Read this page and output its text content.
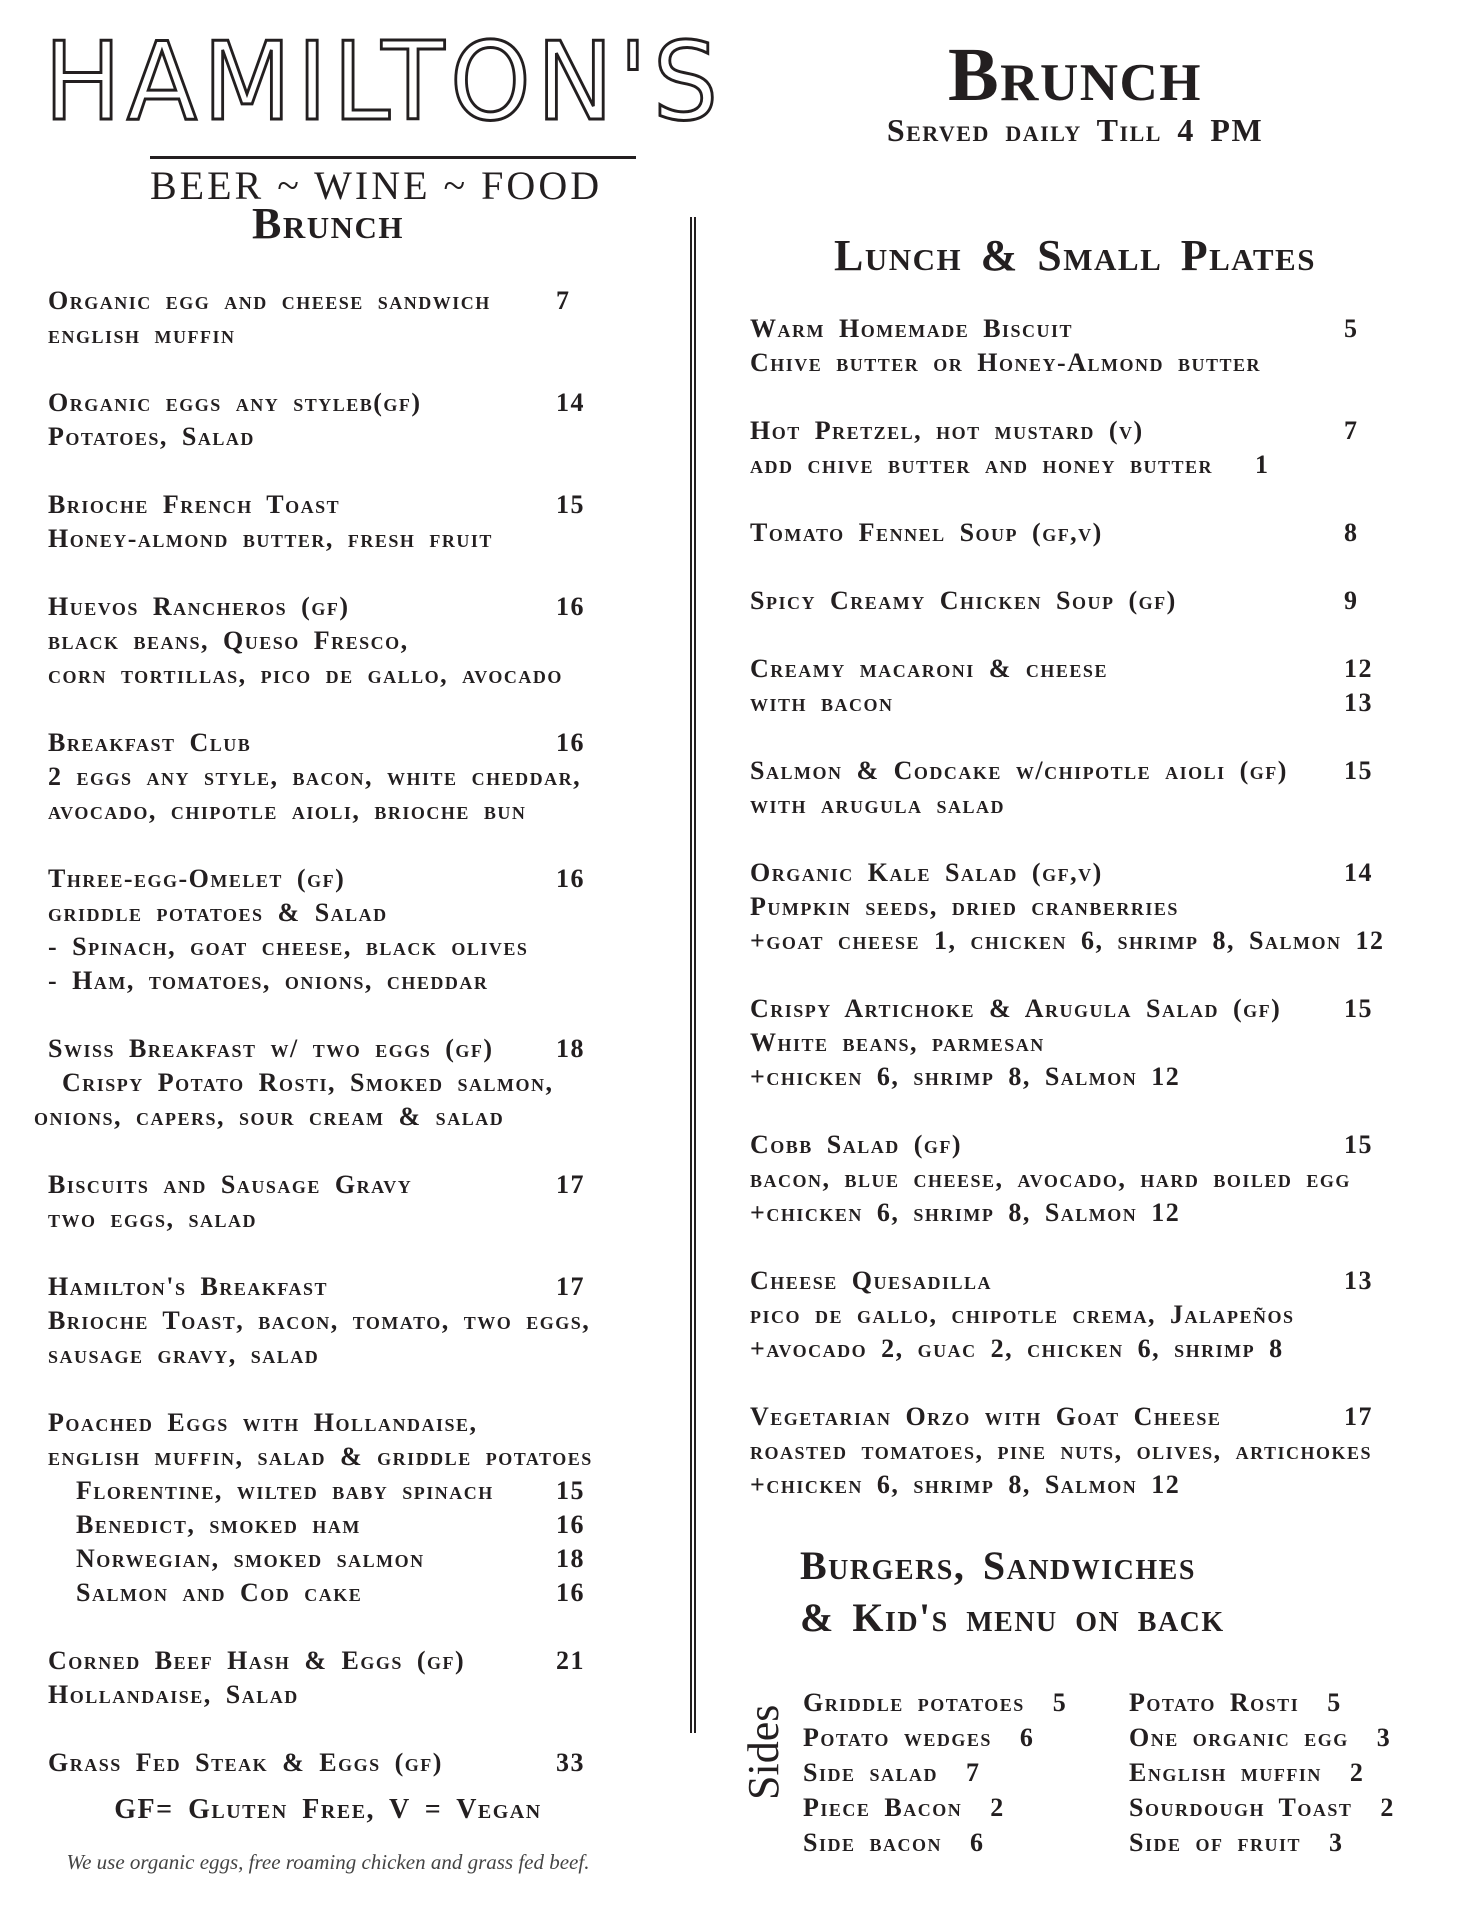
HAMILTON'S
BEER ~ WINE ~ FOOD
Brunch
Organic egg and cheese sandwich	7
english muffin
Organic eggs any styleb(gf)	14
Potatoes, Salad
Brioche French Toast	15
Honey-almond butter, fresh fruit
Huevos Rancheros (gf)	16
black beans, Queso Fresco,
corn tortillas, pico de gallo, avocado
Breakfast Club	16
2 eggs any style, bacon, white cheddar,
avocado, chipotle aioli, brioche bun
Three-egg-Omelet (gf)	16
griddle potatoes & Salad
- Spinach, goat cheese, black olives
- Ham, tomatoes, onions, cheddar
Swiss Breakfast w/ two eggs (gf) 18
Crispy Potato Rosti, Smoked salmon,
onions, capers, sour cream & salad
Biscuits and Sausage Gravy	17
two eggs, salad
Hamilton's Breakfast	17
Brioche Toast, bacon, tomato, two eggs,
sausage gravy, salad
Poached Eggs with Hollandaise,
english muffin, salad & griddle potatoes
Florentine, wilted baby spinach 15
Benedict, smoked ham	16
Norwegian, smoked salmon	18
Salmon and Cod cake	16
Corned Beef Hash & Eggs (gf)	21
Hollandaise, Salad
Grass Fed Steak & Eggs (gf)	33
GF= Gluten Free, V = Vegan
We use organic eggs, free roaming chicken and grass fed beef.
Brunch
Served daily Till 4 PM
Lunch & Small Plates
Warm Homemade Biscuit	5
Chive butter or Honey-Almond butter
Hot Pretzel, hot mustard (v)	7
add chive butter and honey butter   1
Tomato Fennel Soup (gf,v)	8
Spicy Creamy Chicken Soup (gf)	9
Creamy macaroni & cheese	12
with bacon	13
Salmon & Codcake w/chipotle aioli (gf) 15
with arugula salad
Organic Kale Salad (gf,v)	14
Pumpkin seeds, dried cranberries
+goat cheese 1, chicken 6, shrimp 8, Salmon 12
Crispy Artichoke & Arugula Salad (gf) 15
White beans, parmesan
+chicken 6, shrimp 8, Salmon 12
Cobb Salad (gf)	15
bacon, blue cheese, avocado, hard boiled egg
+chicken 6, shrimp 8, Salmon 12
Cheese Quesadilla	13
pico de gallo, chipotle crema, Jalapeños
+avocado 2, guac 2, chicken 6, shrimp 8
Vegetarian Orzo with Goat Cheese	17
roasted tomatoes, pine nuts, olives, artichokes
+chicken 6, shrimp 8, Salmon 12
Burgers, Sandwiches
& Kid's menu on back
Sides
Griddle potatoes  5
Potato wedges  6
Side salad  7
Piece Bacon  2
Side bacon  6
Potato Rosti  5
One organic egg  3
English muffin  2
Sourdough Toast  2
Side of fruit  3
